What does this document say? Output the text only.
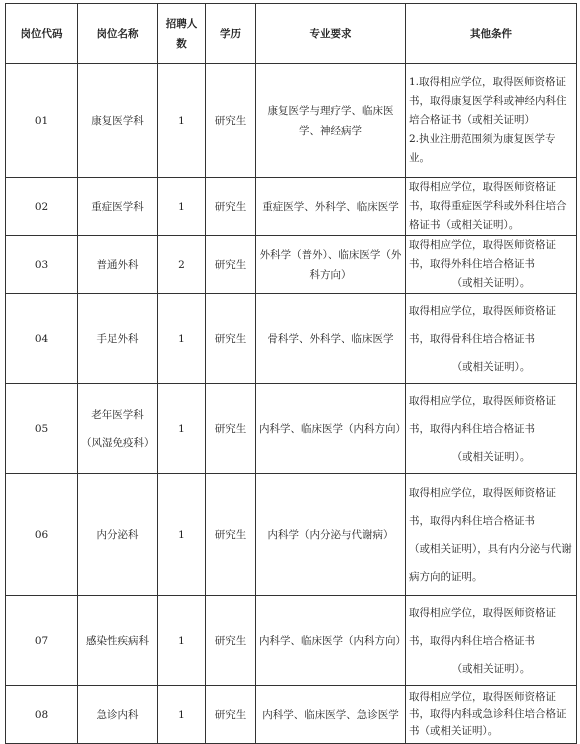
岗位代码	岗位名称	招聘人数	学历	专业要求	其他条件
01	康复医学科	1	研究生	康复医学与理疗学、临床医学、神经病学	1.取得相应学位，取得医师资格证书，取得康复医学科或神经内科住培合格证书（或相关证明）
2.执业注册范围须为康复医学专业。

02	重症医学科	1	研究生	重症医学、外科学、临床医学	取得相应学位，取得医师资格证书，取得重症医学科或外科住培合格证书（或相关证明）。

03	普通外科	2	研究生	外科学（普外）、临床医学（外科方向）	取得相应学位，取得医师资格证书，取得外科住培合格证书
（或相关证明）。

04	手足外科	1	研究生	骨科学、外科学、临床医学	取得相应学位，取得医师资格证书，取得骨科住培合格证书
（或相关证明）。

05	老年医学科（风湿免疫科）	1	研究生	内科学、临床医学（内科方向）	取得相应学位，取得医师资格证书，取得内科住培合格证书
（或相关证明）。

06	内分泌科	1	研究生	内科学（内分泌与代谢病）	取得相应学位，取得医师资格证书，取得内科住培合格证书
（或相关证明），具有内分泌与代谢病方向的证明。

07	感染性疾病科	1	研究生	内科学、临床医学（内科方向）	取得相应学位，取得医师资格证书，取得内科住培合格证书
（或相关证明）。

08	急诊内科	1	研究生	内科学、临床医学、急诊医学	取得相应学位，取得医师资格证书，取得内科或急诊科住培合格证书（或相关证明）。
